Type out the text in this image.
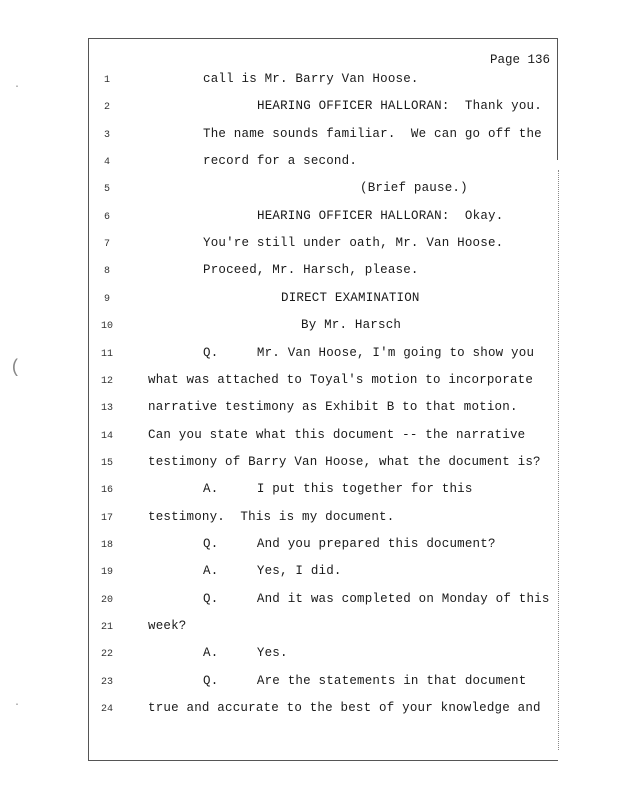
·
(
·
Page 136
1	call is Mr. Barry Van Hoose.
2	HEARING OFFICER HALLORAN:  Thank you.
3	The name sounds familiar.  We can go off the
4	record for a second.
5	(Brief pause.)
6	HEARING OFFICER HALLORAN:  Okay.
7	You're still under oath, Mr. Van Hoose.
8	Proceed, Mr. Harsch, please.
9	DIRECT EXAMINATION
10	By Mr. Harsch
11	Q.     Mr. Van Hoose, I'm going to show you
12	what was attached to Toyal's motion to incorporate
13	narrative testimony as Exhibit B to that motion.
14	Can you state what this document -- the narrative
15	testimony of Barry Van Hoose, what the document is?
16	A.     I put this together for this
17	testimony.  This is my document.
18	Q.     And you prepared this document?
19	A.     Yes, I did.
20	Q.     And it was completed on Monday of this
21	week?
22	A.     Yes.
23	Q.     Are the statements in that document
24	true and accurate to the best of your knowledge and
